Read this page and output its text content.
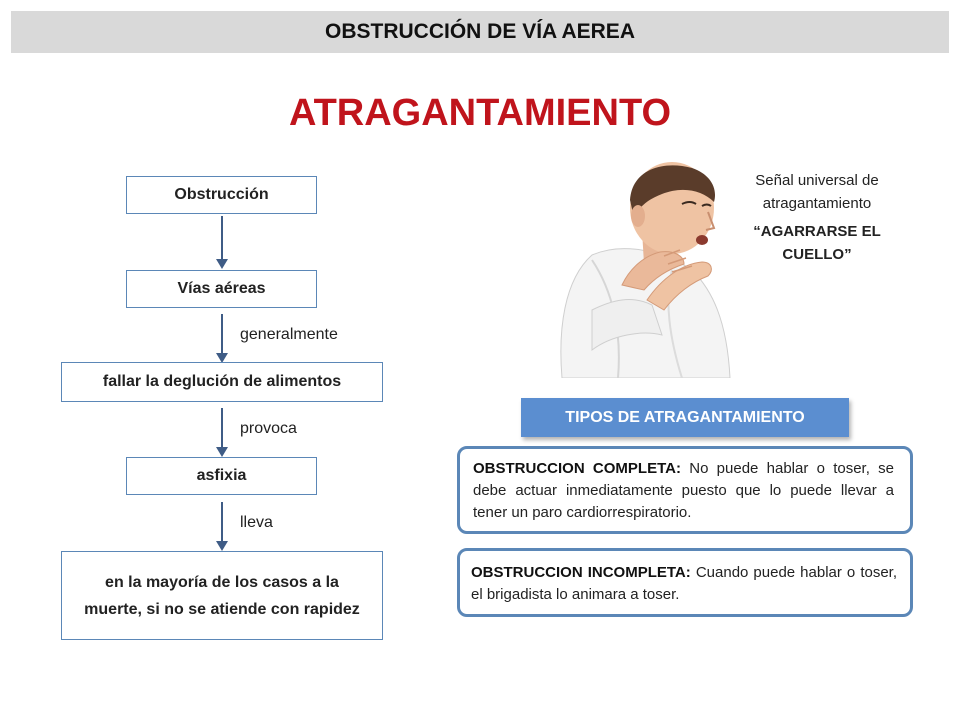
OBSTRUCCIÓN DE VÍA AEREA
ATRAGANTAMIENTO
Obstrucción
Vías aéreas
generalmente
fallar la deglución de alimentos
provoca
asfixia
lleva
en la mayoría de los casos a la muerte, si no se atiende con rapidez
Señal universal de atragantamiento
“AGARRARSE EL CUELLO”
TIPOS DE ATRAGANTAMIENTO
OBSTRUCCION COMPLETA: No puede hablar o toser, se debe actuar inmediatamente puesto que lo puede llevar a tener un paro cardiorrespiratorio.
OBSTRUCCION INCOMPLETA: Cuando puede hablar o toser, el brigadista lo animara a toser.
